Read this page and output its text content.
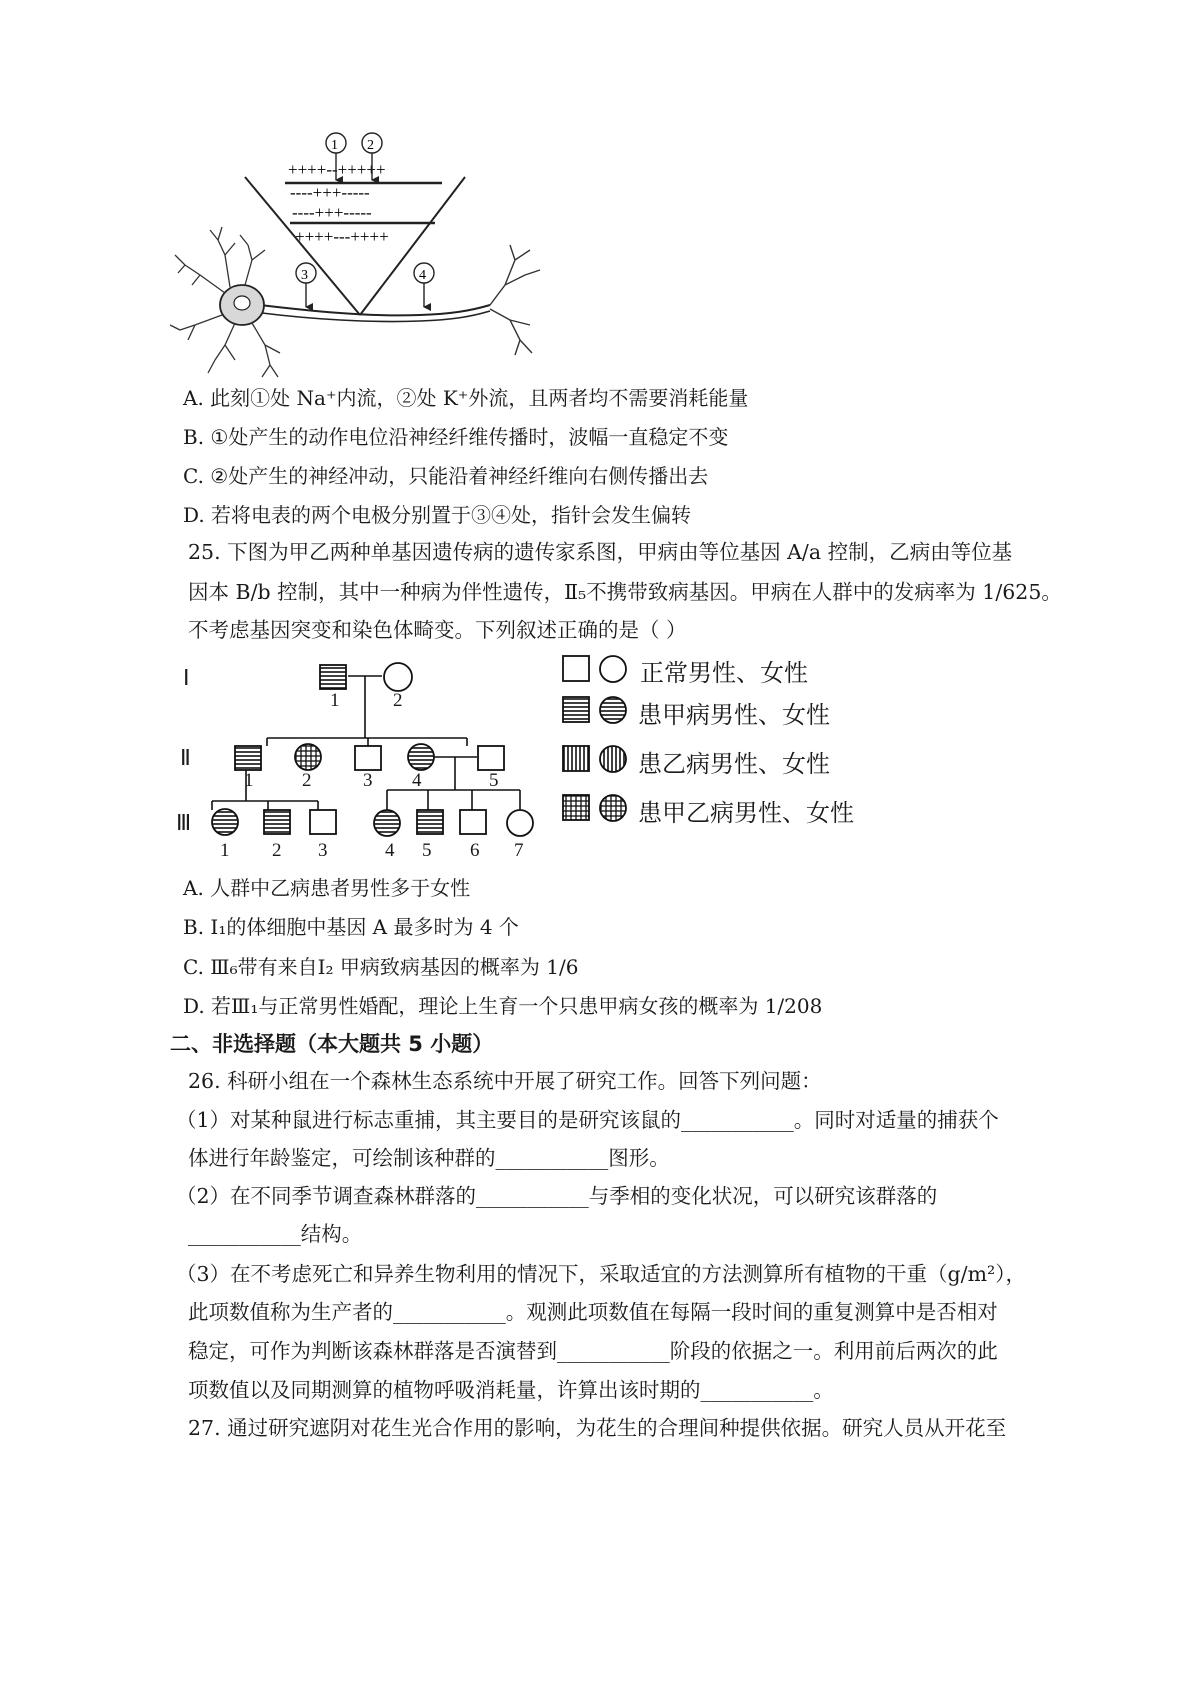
++++--+++++
----+++-----
----+++-----
++++---++++
1 2
3	4
A. 此刻①处 Na⁺内流，②处 K⁺外流，且两者均不需要消耗能量
B. ①处产生的动作电位沿神经纤维传播时，波幅一直稳定不变
C. ②处产生的神经冲动，只能沿着神经纤维向右侧传播出去
D. 若将电表的两个电极分别置于③④处，指针会发生偏转
25. 下图为甲乙两种单基因遗传病的遗传家系图，甲病由等位基因 A/a 控制，乙病由等位基
因本 B/b 控制，其中一种病为伴性遗传，Ⅱ₅不携带致病基因。甲病在人群中的发病率为 1/625。
不考虑基因突变和染色体畸变。下列叙述正确的是（ ）
Ⅰ
Ⅱ
Ⅲ
1	2
1	2	3 4	5
1 2 3	4 5 6 7
正常男性、女性
患甲病男性、女性
患乙病男性、女性
患甲乙病男性、女性
A. 人群中乙病患者男性多于女性
B. Ⅰ₁的体细胞中基因 A 最多时为 4 个
C. Ⅲ₆带有来自Ⅰ₂ 甲病致病基因的概率为 1/6
D. 若Ⅲ₁与正常男性婚配，理论上生育一个只患甲病女孩的概率为 1/208
二、非选择题（本大题共 5 小题）
26. 科研小组在一个森林生态系统中开展了研究工作。回答下列问题：
（1）对某种鼠进行标志重捕，其主要目的是研究该鼠的___________。同时对适量的捕获个
体进行年龄鉴定，可绘制该种群的___________图形。
（2）在不同季节调查森林群落的___________与季相的变化状况，可以研究该群落的
___________结构。
（3）在不考虑死亡和异养生物利用的情况下，采取适宜的方法测算所有植物的干重（g/m²），
此项数值称为生产者的___________。观测此项数值在每隔一段时间的重复测算中是否相对
稳定，可作为判断该森林群落是否演替到___________阶段的依据之一。利用前后两次的此
项数值以及同期测算的植物呼吸消耗量，许算出该时期的___________。
27. 通过研究遮阴对花生光合作用的影响，为花生的合理间种提供依据。研究人员从开花至
